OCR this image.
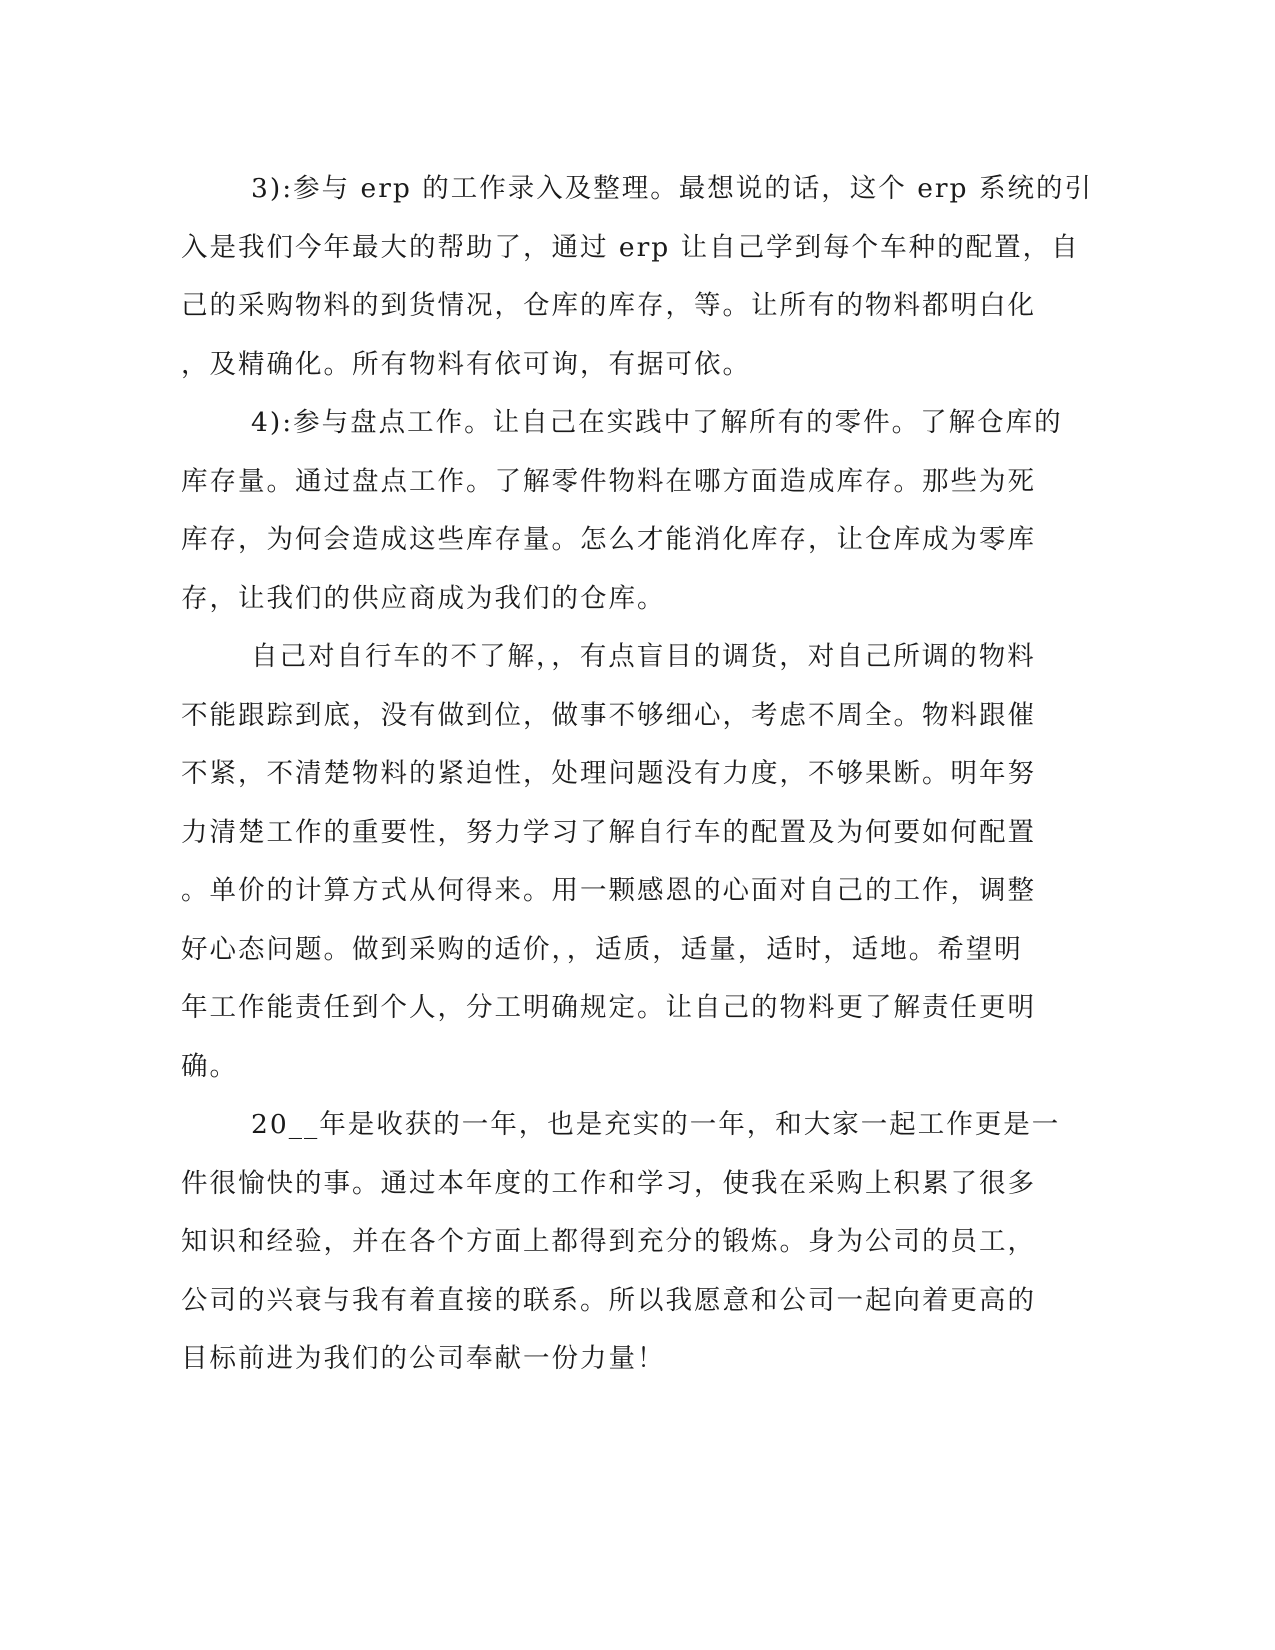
3):参与 erp 的工作录入及整理。最想说的话，这个 erp 系统的引
入是我们今年最大的帮助了，通过 erp 让自己学到每个车种的配置，自
己的采购物料的到货情况，仓库的库存，等。让所有的物料都明白化
，及精确化。所有物料有依可询，有据可依。
4):参与盘点工作。让自己在实践中了解所有的零件。了解仓库的
库存量。通过盘点工作。了解零件物料在哪方面造成库存。那些为死
库存，为何会造成这些库存量。怎么才能消化库存，让仓库成为零库
存，让我们的供应商成为我们的仓库。
自己对自行车的不了解，，有点盲目的调货，对自己所调的物料
不能跟踪到底，没有做到位，做事不够细心，考虑不周全。物料跟催
不紧，不清楚物料的紧迫性，处理问题没有力度，不够果断。明年努
力清楚工作的重要性，努力学习了解自行车的配置及为何要如何配置
。单价的计算方式从何得来。用一颗感恩的心面对自己的工作，调整
好心态问题。做到采购的适价，，适质，适量，适时，适地。希望明
年工作能责任到个人，分工明确规定。让自己的物料更了解责任更明
确。
20__年是收获的一年，也是充实的一年，和大家一起工作更是一
件很愉快的事。通过本年度的工作和学习，使我在采购上积累了很多
知识和经验，并在各个方面上都得到充分的锻炼。身为公司的员工，
公司的兴衰与我有着直接的联系。所以我愿意和公司一起向着更高的
目标前进为我们的公司奉献一份力量！
